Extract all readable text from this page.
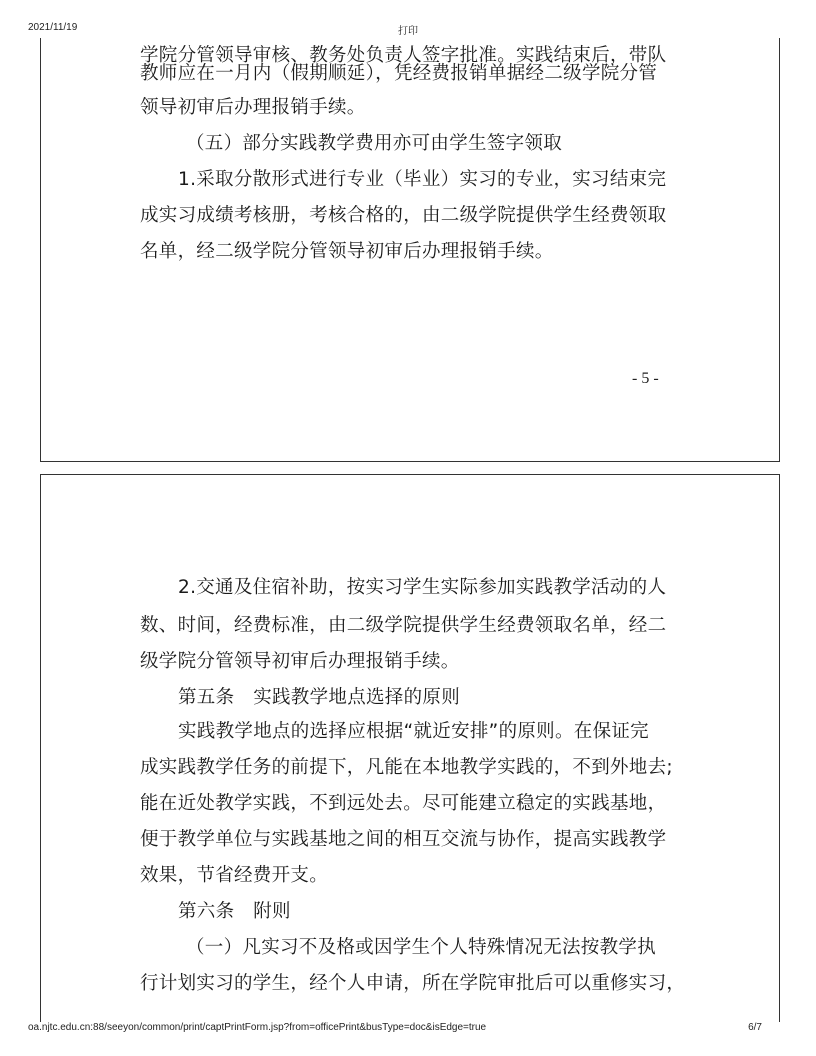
2021/11/19	打印
学院分管领导审核、教务处负责人签字批准。实践结束后，带队
教师应在一月内（假期顺延），凭经费报销单据经二级学院分管
领导初审后办理报销手续。
（五）部分实践教学费用亦可由学生签字领取
1.采取分散形式进行专业（毕业）实习的专业，实习结束完
成实习成绩考核册，考核合格的，由二级学院提供学生经费领取
名单，经二级学院分管领导初审后办理报销手续。
- 5 -
2.交通及住宿补助，按实习学生实际参加实践教学活动的人
数、时间，经费标准，由二级学院提供学生经费领取名单，经二
级学院分管领导初审后办理报销手续。
第五条　实践教学地点选择的原则
实践教学地点的选择应根据“就近安排”的原则。在保证完
成实践教学任务的前提下，凡能在本地教学实践的，不到外地去;
能在近处教学实践，不到远处去。尽可能建立稳定的实践基地，
便于教学单位与实践基地之间的相互交流与协作，提高实践教学
效果，节省经费开支。
第六条　附则
（一）凡实习不及格或因学生个人特殊情况无法按教学执
行计划实习的学生，经个人申请，所在学院审批后可以重修实习，
oa.njtc.edu.cn:88/seeyon/common/print/captPrintForm.jsp?from=officePrint&busType=doc&isEdge=true	6/7
